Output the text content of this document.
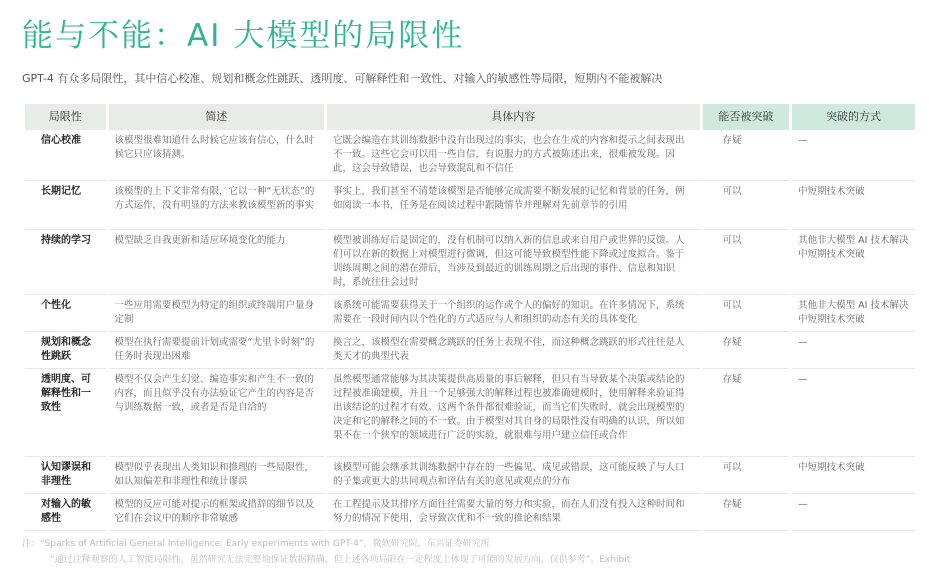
能与不能：AI 大模型的局限性
GPT-4 有众多局限性，其中信心校准、规划和概念性跳跃、透明度、可解释性和一致性、对输入的敏感性等局限，短期内不能被解决
局限性	简述	具体内容	能否被突破	突破的方式
信心校准	该模型很难知道什么时候它应该有信心，什么时候它只应该猜测。	它既会编造在其训练数据中没有出现过的事实，也会在生成的内容和提示之间表现出不一致。这些它会可以用一些自信，有说服力的方式被陈述出来，很难被发现。因此，这会导致错误，也会导致混乱和不信任	存疑	—
长期记忆	该模型的上下文非常有限，它以一种“无状态”的方式运作，没有明显的方法来教该模型新的事实	事实上，我们甚至不清楚该模型是否能够完成需要不断发展的记忆和背景的任务，例如阅读一本书，任务是在阅读过程中跟随情节并理解对先前章节的引用	可以	中短期技术突破
持续的学习	模型缺乏自我更新和适应环境变化的能力	模型被训练好后是固定的，没有机制可以纳入新的信息或来自用户或世界的反馈。人们可以在新的数据上对模型进行微调，但这可能导致模型性能下降或过度拟合。鉴于训练周期之间的潜在滞后，当涉及到最近的训练周期之后出现的事件、信息和知识时，系统往往会过时	可以	其他非大模型 AI 技术解决中短期技术突破
个性化	一些应用需要模型为特定的组织或终端用户量身定制	该系统可能需要获得关于一个组织的运作或个人的偏好的知识。在许多情况下，系统需要在一段时间内以个性化的方式适应与人和组织的动态有关的具体变化	可以	其他非大模型 AI 技术解决中短期技术突破
规划和概念性跳跃	模型在执行需要提前计划或需要“尤里卡时刻”的任务时表现出困难	换言之，该模型在需要概念跳跃的任务上表现不佳，而这种概念跳跃的形式往往是人类天才的典型代表	存疑	—
透明度、可解释性和一致性	模型不仅会产生幻觉、编造事实和产生不一致的内容，而且似乎没有办法验证它产生的内容是否与训练数据一致，或者是否是自洽的	虽然模型通常能够为其决策提供高质量的事后解释，但只有当导致某个决策或结论的过程被准确建模，并且一个足够强大的解释过程也被准确建模时，使用解释来验证得出该结论的过程才有效。这两个条件都很难验证，而当它们失败时，就会出现模型的决定和它的解释之间的不一致。由于模型对其自身的局限性没有明确的认识，所以如果不在一个狭窄的领域进行广泛的实验，就很难与用户建立信任或合作	存疑	—
认知谬误和非理性	模型似乎表现出人类知识和推理的一些局限性，如认知偏差和非理性和统计谬误	该模型可能会继承其训练数据中存在的一些偏见、成见或错误，这可能反映了与人口的子集或更大的共同观点和评估有关的意见或观点的分布	可以	中短期技术突破
对输入的敏感性	模型的反应可能对提示的框架或措辞的细节以及它们在会议中的顺序非常敏感	在工程提示及其排序方面往往需要大量的努力和实验，而在人们没有投入这种时间和努力的情况下使用，会导致次优和不一致的推论和结果	存疑	—
注：“Sparks of Artificial General Intelligence: Early experiments with GPT-4”，微软研究院，东兴证券研究所
“通过注释观察的人工智能局限性，虽然研究无法完整地保证数据精确，但上述各项局限在一定程度上体现了可能的发展方向，仅供参考”。Exhibit
